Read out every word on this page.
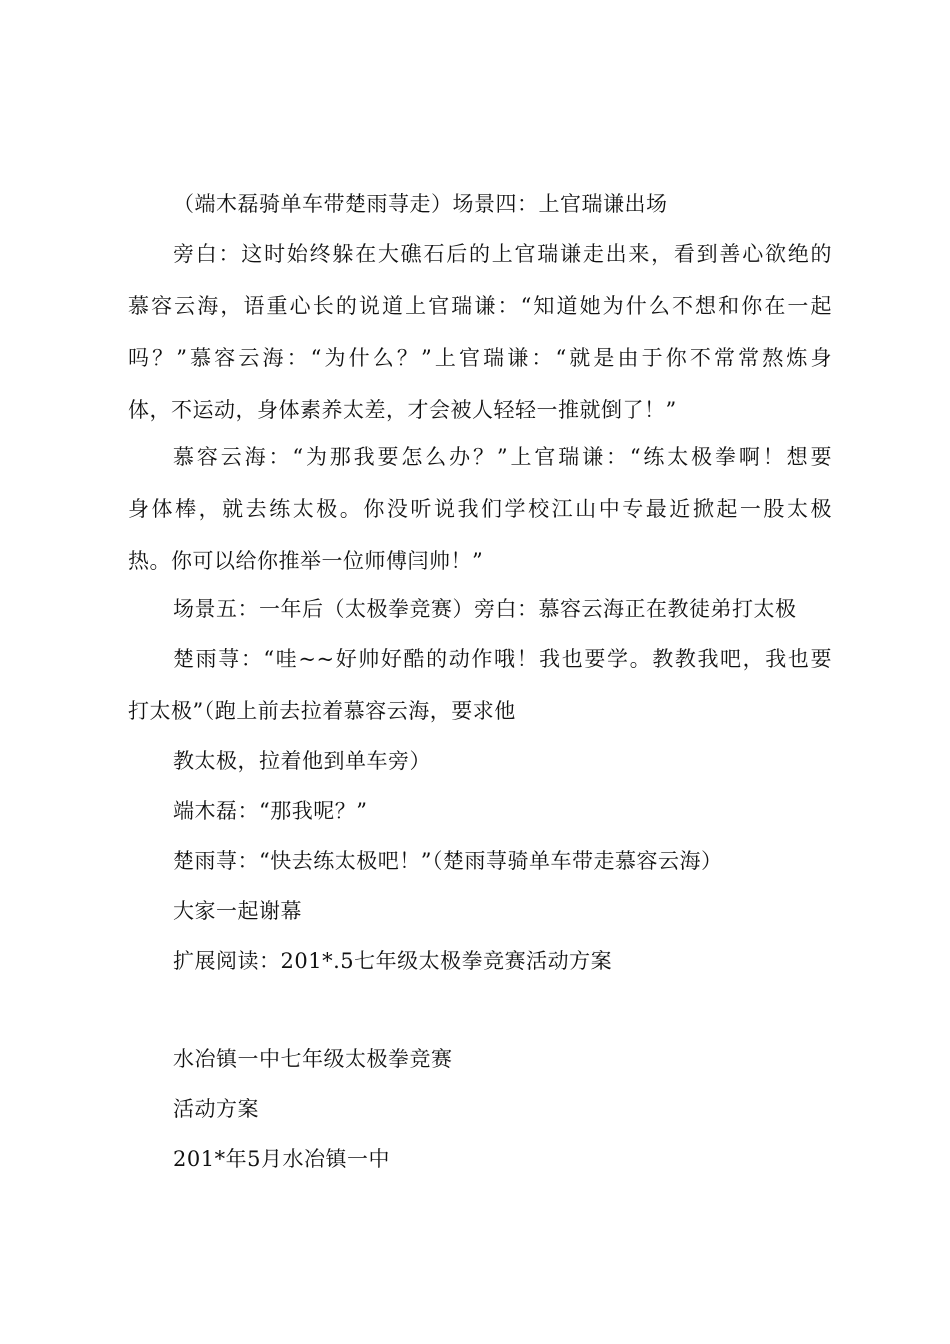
（端木磊骑单车带楚雨荨走）场景四：上官瑞谦出场
旁白：这时始终躲在大礁石后的上官瑞谦走出来，看到善心欲绝的
慕容云海，语重心长的说道上官瑞谦：“知道她为什么不想和你在一起
吗？”慕容云海：“为什么？”上官瑞谦：“就是由于你不常常熬炼身
体，不运动，身体素养太差，才会被人轻轻一推就倒了！”
慕容云海：“为那我要怎么办？”上官瑞谦：“练太极拳啊！想要
身体棒，就去练太极。你没听说我们学校江山中专最近掀起一股太极
热。你可以给你推举一位师傅闫帅！”
场景五：一年后（太极拳竞赛）旁白：慕容云海正在教徒弟打太极
楚雨荨：“哇~~好帅好酷的动作哦！我也要学。教教我吧，我也要
打太极”（跑上前去拉着慕容云海，要求他
教太极，拉着他到单车旁）
端木磊：“那我呢？”
楚雨荨：“快去练太极吧！”（楚雨荨骑单车带走慕容云海）
大家一起谢幕
扩展阅读：201*.5七年级太极拳竞赛活动方案
水冶镇一中七年级太极拳竞赛
活动方案
201*年5月水冶镇一中
